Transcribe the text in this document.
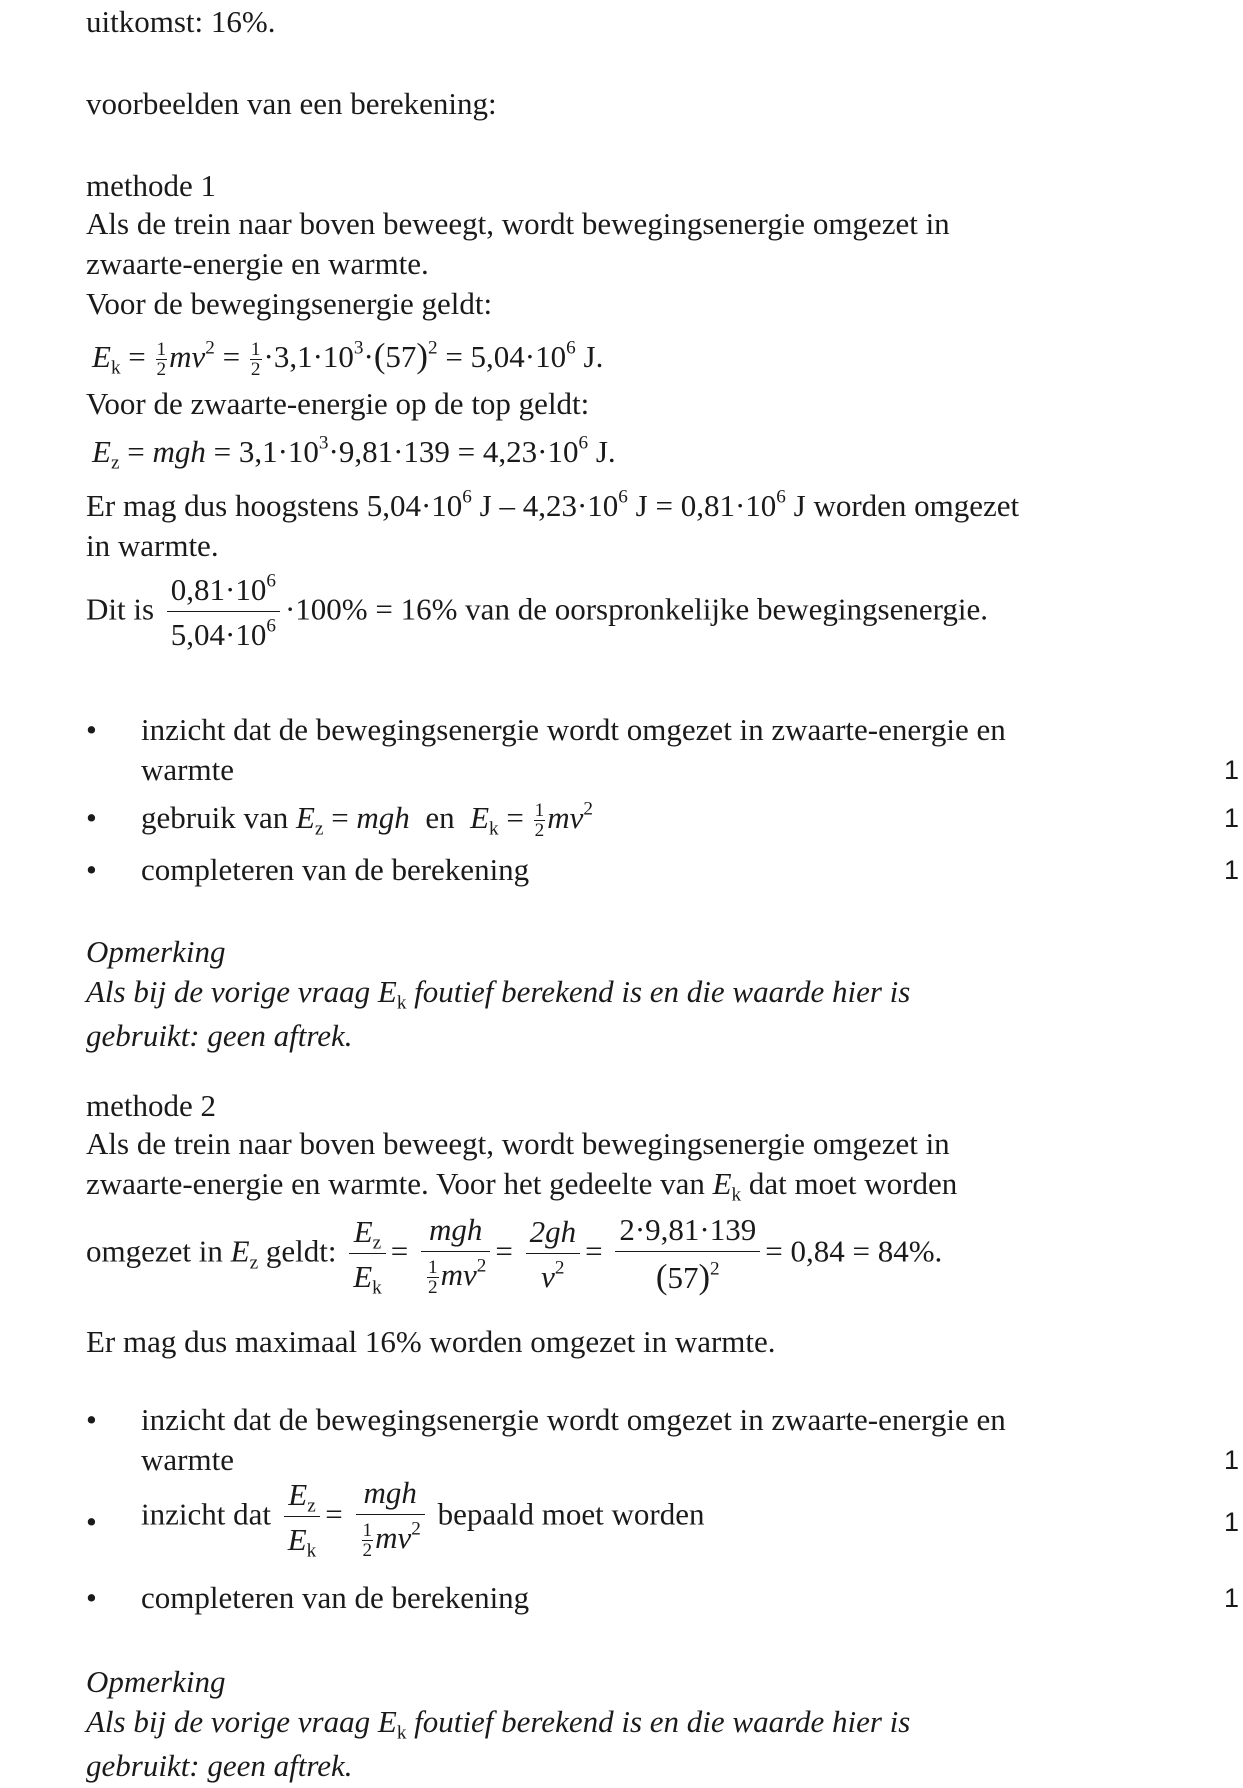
uitkomst: 16%.
voorbeelden van een berekening:
methode 1
Als de trein naar boven beweegt, wordt bewegingsenergie omgezet in
zwaarte-energie en warmte.
Voor de bewegingsenergie geldt:
$E_k = \frac{1}{2} mv^2 = \frac{1}{2} \cdot 3,1\cdot 10^3\cdot(57)^2 = 5,04\cdot 10^6$ J.
Voor de zwaarte-energie op de top geldt:
$E_z$ = mgh = $3,1\cdot 10^3\cdot 9,81\cdot 139 = 4,23\cdot 10^6$ J.
Er mag dus hoogstens $5,04\cdot 10^6$ $J - 4,23\cdot 10^6$ $J = 0,81\cdot 10^6$ J worden omgezet
in warmte.
Dit is $\frac{0,81\cdot 10^6}{5,04\cdot 10^6} \cdot 100\% = 16\%$ van de oorspronkelijke bewegingsenergie.
•	inzicht dat de bewegingsenergie wordt omgezet in zwaarte-energie en
warmte	1
•	gebruik van $E_z$ = mgh  en  $E_k = \frac{1}{2} mv^2$	1
•	completeren van de berekening	1
Opmerking
Als bij de vorige vraag $E_k$ foutief berekend is en die waarde hier is
gebruikt: geen aftrek.
methode 2
Als de trein naar boven beweegt, wordt bewegingsenergie omgezet in
zwaarte-energie en warmte. Voor het gedeelte van $E_k$ dat moet worden
omgezet in $E_z$ geldt: $\frac{E_z}{E_k} = \frac{\text{mgh}}{\frac{1}{2} mv^2} = \frac{2gh}{v^2} = \frac{2\cdot 9,81\cdot 139}{(57)^2} = 0,84 = 84\%$.
Er mag dus maximaal 16% worden omgezet in warmte.
•	inzicht dat de bewegingsenergie wordt omgezet in zwaarte-energie en
warmte	1
•	inzicht dat $\frac{E_z}{E_k} = \frac{\text{mgh}}{\frac{1}{2} mv^2}$ bepaald moet worden	1
•	completeren van de berekening	1
Opmerking
Als bij de vorige vraag $E_k$ foutief berekend is en die waarde hier is
gebruikt: geen aftrek.
